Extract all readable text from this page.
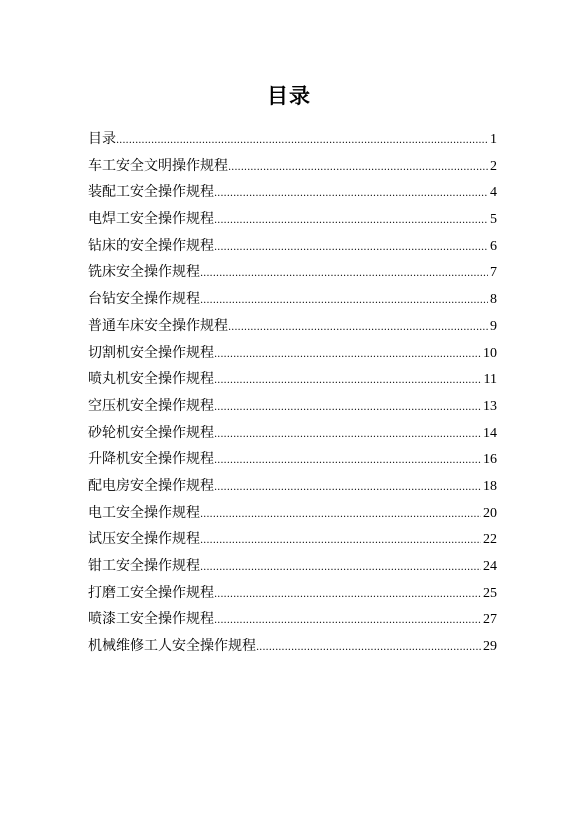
目录
目录 .....	1
车工安全文明操作规程 .....	2
装配工安全操作规程 .....	4
电焊工安全操作规程 .....	5
钻床的安全操作规程 .....	6
铣床安全操作规程 .....	7
台钻安全操作规程 .....	8
普通车床安全操作规程 .....	9
切割机安全操作规程 .....	10
喷丸机安全操作规程 .....	11
空压机安全操作规程 .....	13
砂轮机安全操作规程 .....	14
升降机安全操作规程 .....	16
配电房安全操作规程 .....	18
电工安全操作规程 .....	20
试压安全操作规程 .....	22
钳工安全操作规程 .....	24
打磨工安全操作规程 .....	25
喷漆工安全操作规程 .....	27
机械维修工人安全操作规程 .....	29
